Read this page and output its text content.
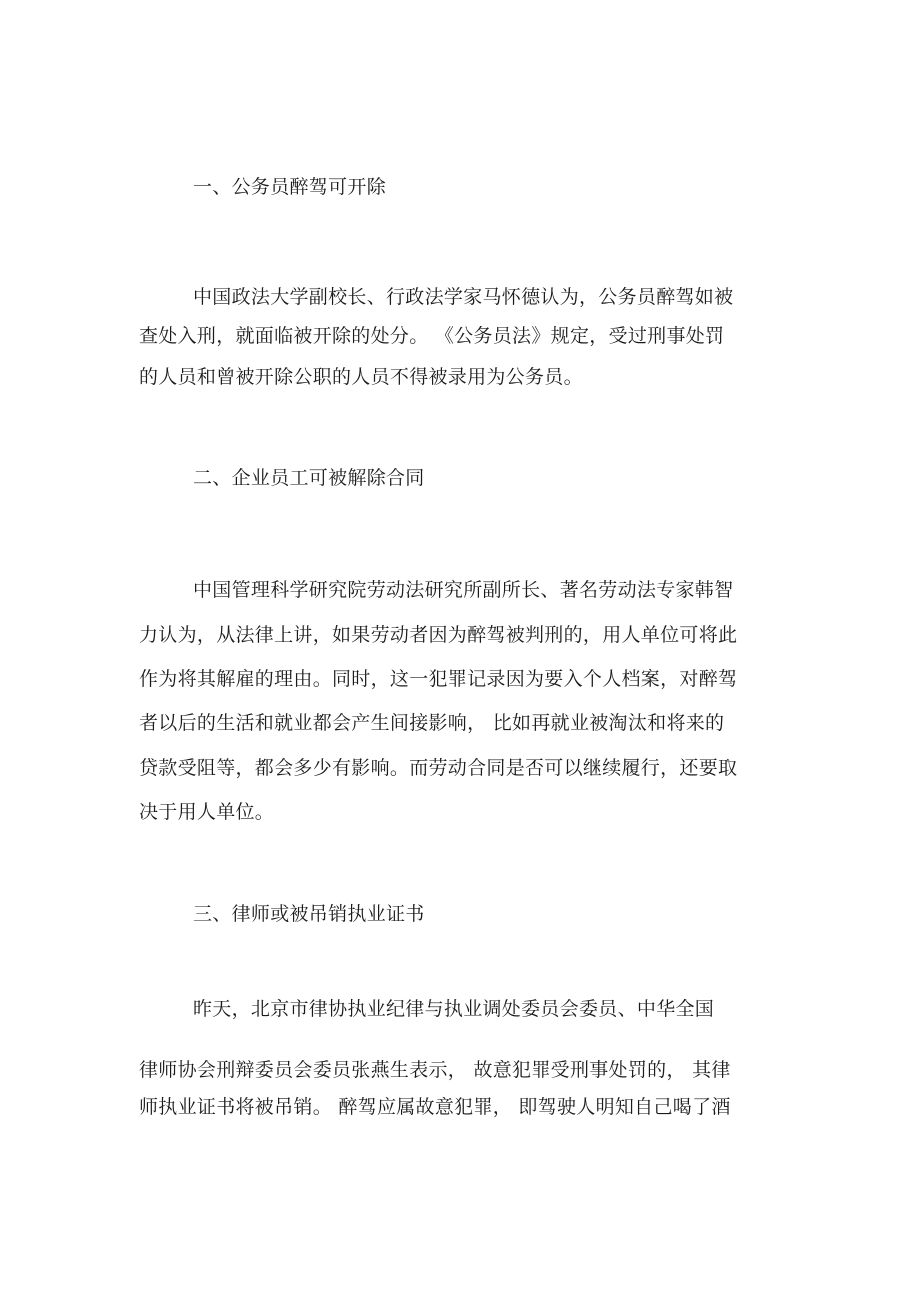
一、公务员醉驾可开除
中国政法大学副校长、行政法学家马怀德认为，公务员醉驾如被
查处入刑，就面临被开除的处分。 《公务员法》规定，受过刑事处罚
的人员和曾被开除公职的人员不得被录用为公务员。
二、企业员工可被解除合同
中国管理科学研究院劳动法研究所副所长、著名劳动法专家韩智
力认为，从法律上讲，如果劳动者因为醉驾被判刑的，用人单位可将此
作为将其解雇的理由。同时，这一犯罪记录因为要入个人档案，对醉驾
者以后的生活和就业都会产生间接影响， 比如再就业被淘汰和将来的
贷款受阻等，都会多少有影响。而劳动合同是否可以继续履行，还要取
决于用人单位。
三、律师或被吊销执业证书
昨天，北京市律协执业纪律与执业调处委员会委员、中华全国
律师协会刑辩委员会委员张燕生表示， 故意犯罪受刑事处罚的， 其律
师执业证书将被吊销。 醉驾应属故意犯罪， 即驾驶人明知自己喝了酒
